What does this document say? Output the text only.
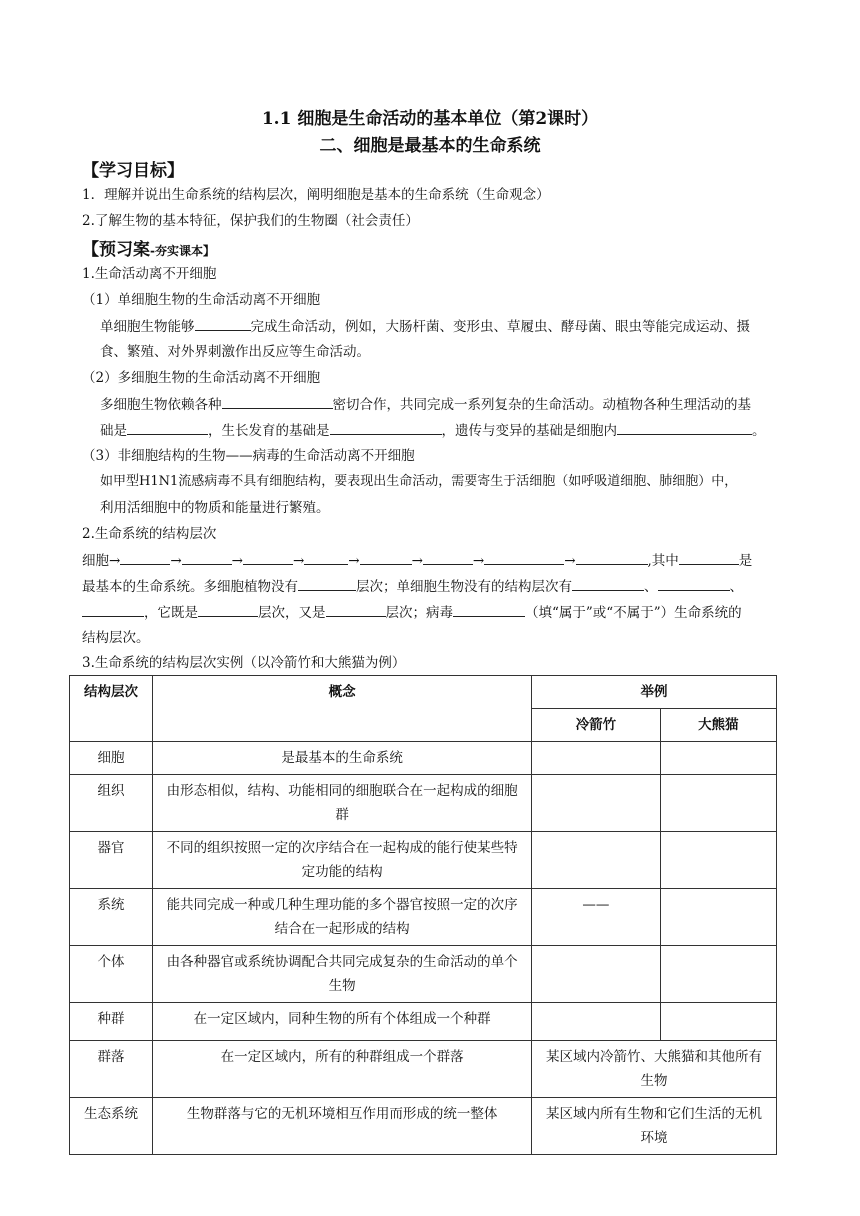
1.1 细胞是生命活动的基本单位（第2课时）
二、细胞是最基本的生命系统
【学习目标】
1．理解并说出生命系统的结构层次，阐明细胞是基本的生命系统（生命观念）
2.了解生物的基本特征，保护我们的生物圈（社会责任）
【预习案-夯实课本】
1.生命活动离不开细胞
（1）单细胞生物的生命活动离不开细胞
单细胞生物能够	完成生命活动，例如，大肠杆菌、变形虫、草履虫、酵母菌、眼虫等能完成运动、摄
食、繁殖、对外界刺激作出反应等生命活动。
（2）多细胞生物的生命活动离不开细胞
多细胞生物依赖各种	密切合作，共同完成一系列复杂的生命活动。动植物各种生理活动的基
础是	，生长发育的基础是	，遗传与变异的基础是细胞内	。
（3）非细胞结构的生物——病毒的生命活动离不开细胞
如甲型H1N1流感病毒不具有细胞结构，要表现出生命活动，需要寄生于活细胞（如呼吸道细胞、肺细胞）中，
利用活细胞中的物质和能量进行繁殖。
2.生命系统的结构层次
细胞→	→	→	→	→	→	→	→	,其中	是
最基本的生命系统。多细胞植物没有	层次；单细胞生物没有的结构层次有	、	、
，它既是	层次，又是	层次；病毒	（填“属于”或“不属于”）生命系统的
结构层次。
3.生命系统的结构层次实例（以冷箭竹和大熊猫为例）
结构层次	概念	举例	
		冷箭竹	大熊猫
细胞	是最基本的生命系统		
组织	由形态相似，结构、功能相同的细胞联合在一起构成的细胞群		
器官	不同的组织按照一定的次序结合在一起构成的能行使某些特定功能的结构		
系统	能共同完成一种或几种生理功能的多个器官按照一定的次序结合在一起形成的结构	——	
个体	由各种器官或系统协调配合共同完成复杂的生命活动的单个生物		
种群	在一定区域内，同种生物的所有个体组成一个种群		
群落	在一定区域内，所有的种群组成一个群落	某区域内冷箭竹、大熊猫和其他所有生物	
生态系统	生物群落与它的无机环境相互作用而形成的统一整体	某区域内所有生物和它们生活的无机环境	
